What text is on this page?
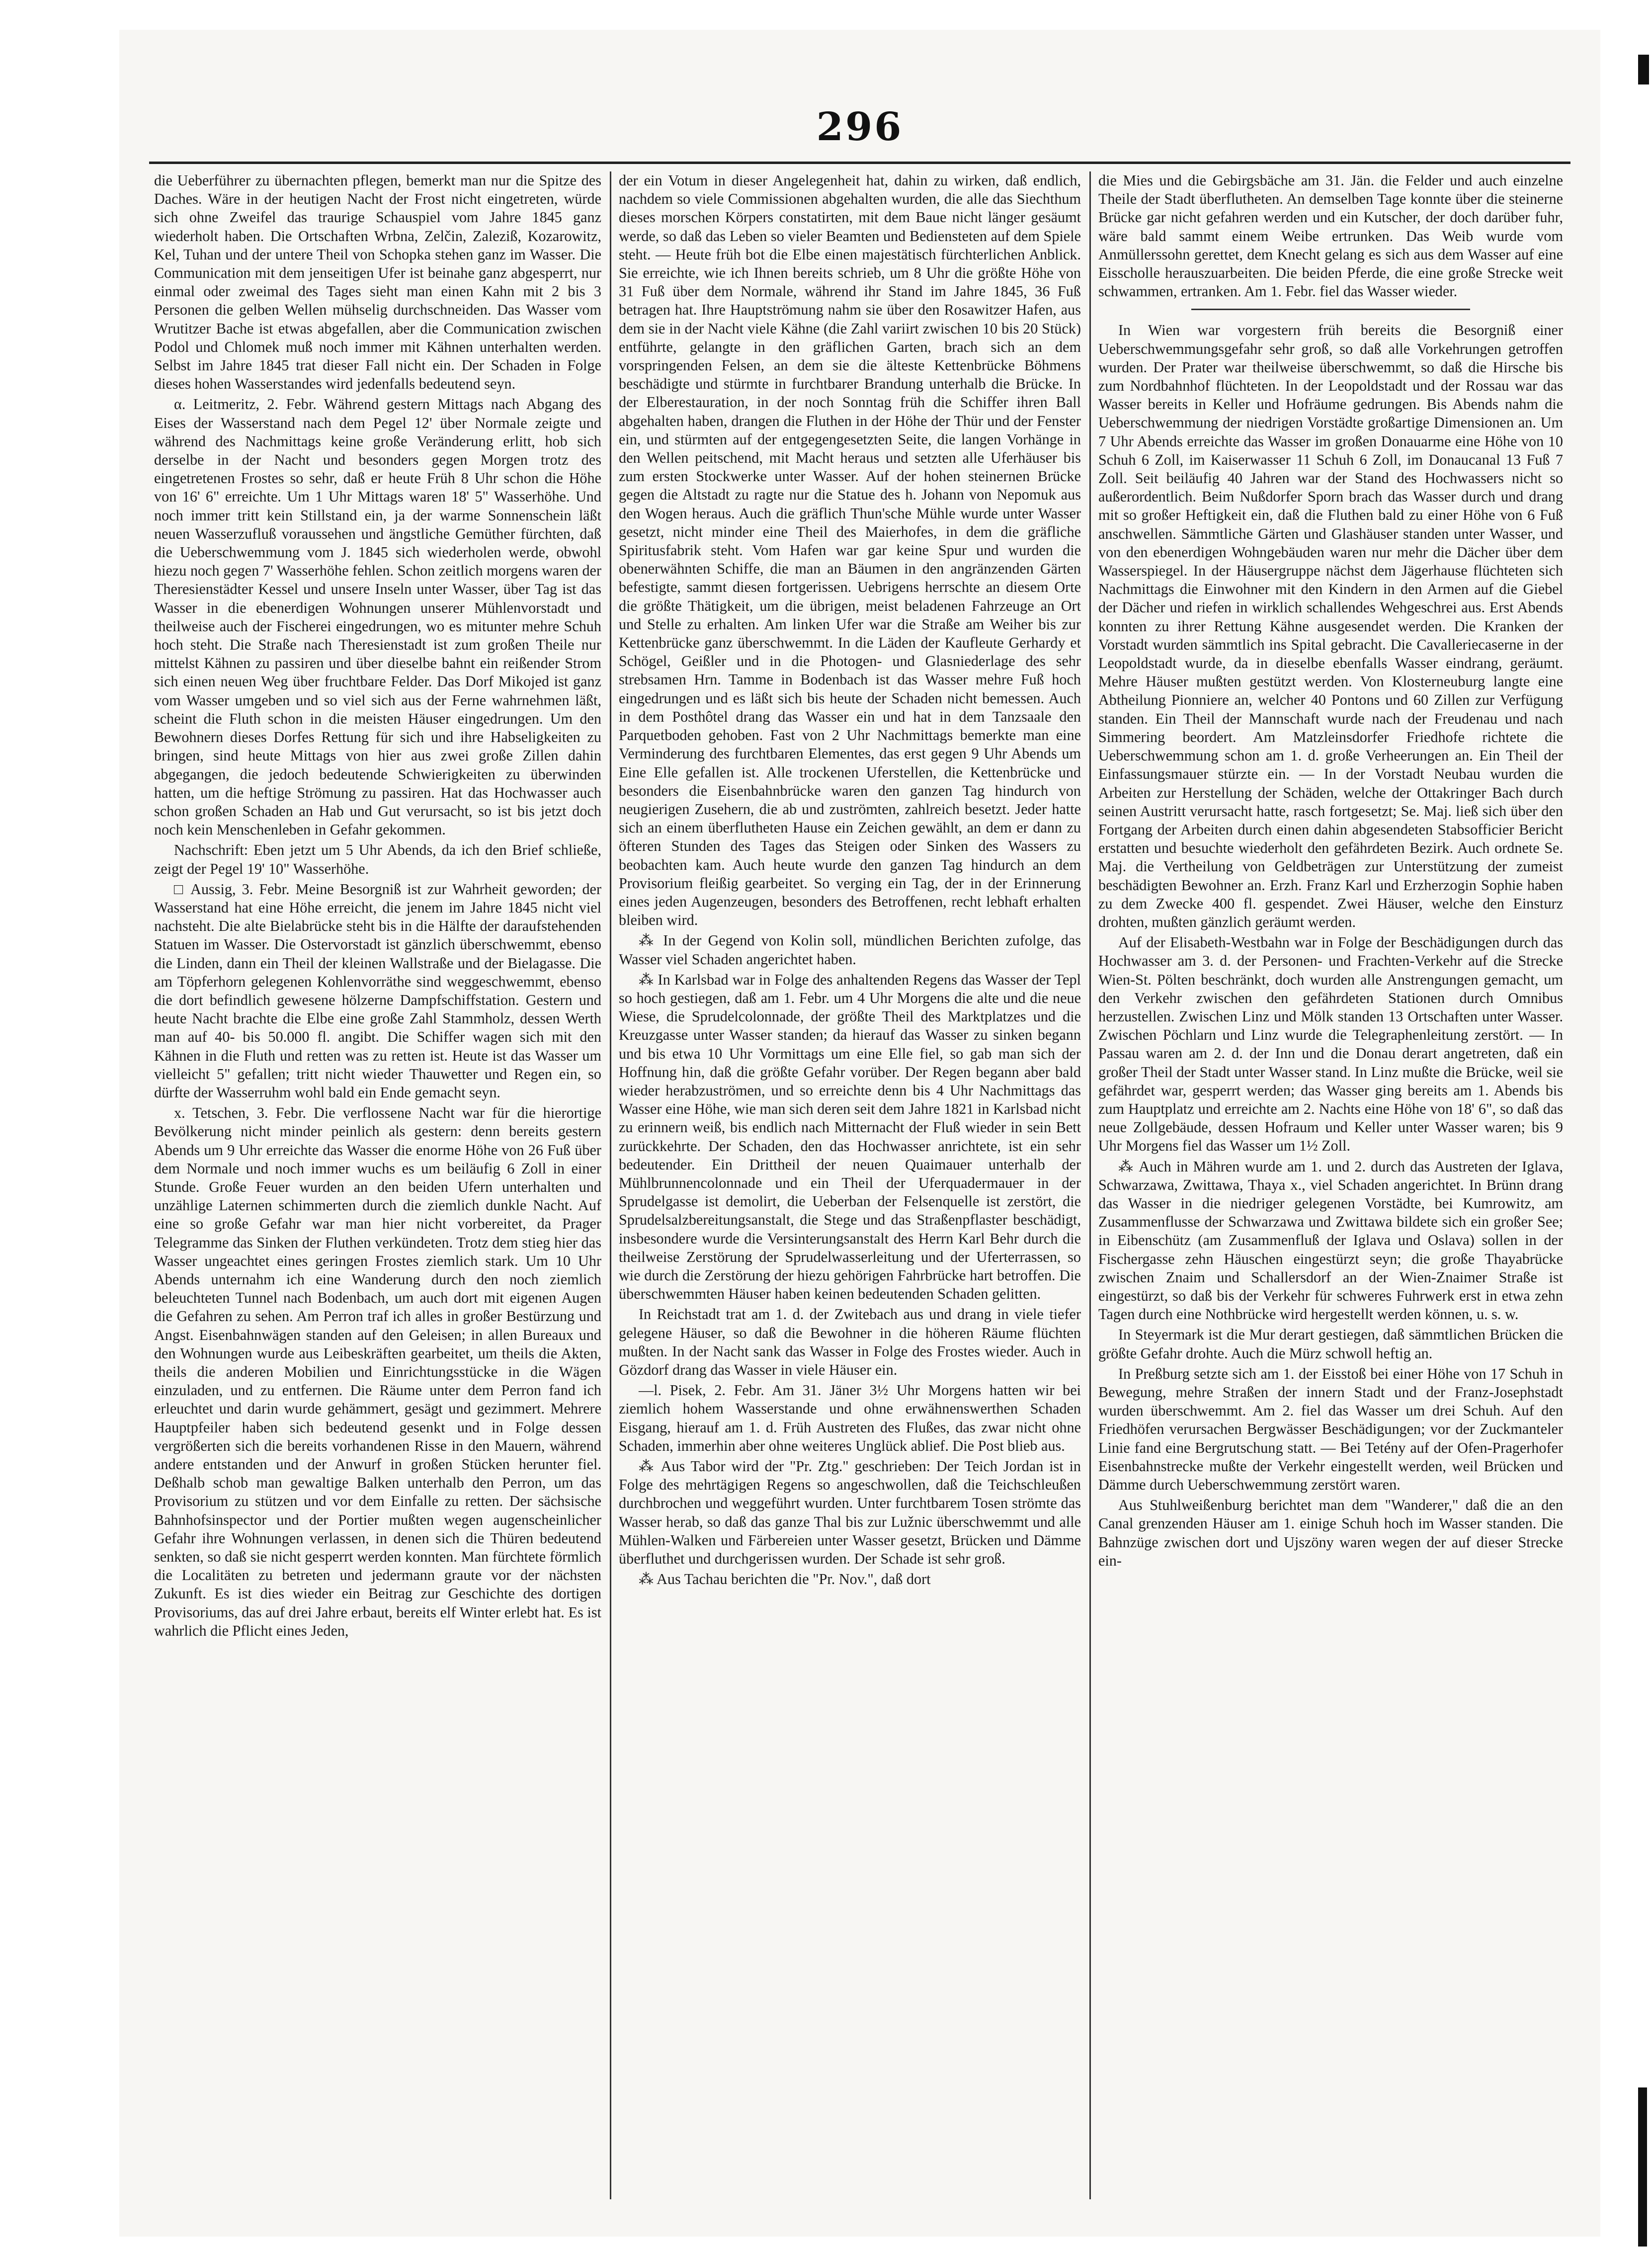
296

die Ueberführer zu übernachten pflegen, bemerkt man nur die Spitze des Daches. Wäre in der heutigen Nacht der Frost nicht eingetreten, würde sich ohne Zweifel das traurige Schauspiel vom Jahre 1845 ganz wiederholt haben. Die Ortschaften Wrbna, Zelčin, Zaleziß, Kozarowitz, Kel, Tuhan und der untere Theil von Schopka stehen ganz im Wasser. Die Communication mit dem jenseitigen Ufer ist beinahe ganz abgesperrt, nur einmal oder zweimal des Tages sieht man einen Kahn mit 2 bis 3 Personen die gelben Wellen mühselig durchschneiden. Das Wasser vom Wrutitzer Bache ist etwas abgefallen, aber die Communication zwischen Podol und Chlomek muß noch immer mit Kähnen unterhalten werden. Selbst im Jahre 1845 trat dieser Fall nicht ein. Der Schaden in Folge dieses hohen Wasserstandes wird jedenfalls bedeutend seyn.

α. Leitmeritz, 2. Febr. Während gestern Mittags nach Abgang des Eises der Wasserstand nach dem Pegel 12' über Normale zeigte und während des Nachmittags keine große Veränderung erlitt, hob sich derselbe in der Nacht und besonders gegen Morgen trotz des eingetretenen Frostes so sehr, daß er heute Früh 8 Uhr schon die Höhe von 16' 6" erreichte. Um 1 Uhr Mittags waren 18' 5" Wasserhöhe. Und noch immer tritt kein Stillstand ein, ja der warme Sonnenschein läßt neuen Wasserzufluß voraussehen und ängstliche Gemüther fürchten, daß die Ueberschwemmung vom J. 1845 sich wiederholen werde, obwohl hiezu noch gegen 7' Wasserhöhe fehlen. Schon zeitlich morgens waren der Theresienstädter Kessel und unsere Inseln unter Wasser, über Tag ist das Wasser in die ebenerdigen Wohnungen unserer Mühlenvorstadt und theilweise auch der Fischerei eingedrungen, wo es mitunter mehre Schuh hoch steht. Die Straße nach Theresienstadt ist zum großen Theile nur mittelst Kähnen zu passiren und über dieselbe bahnt ein reißender Strom sich einen neuen Weg über fruchtbare Felder. Das Dorf Mikojed ist ganz vom Wasser umgeben und so viel sich aus der Ferne wahrnehmen läßt, scheint die Fluth schon in die meisten Häuser eingedrungen. Um den Bewohnern dieses Dorfes Rettung für sich und ihre Habseligkeiten zu bringen, sind heute Mittags von hier aus zwei große Zillen dahin abgegangen, die jedoch bedeutende Schwierigkeiten zu überwinden hatten, um die heftige Strömung zu passiren. Hat das Hochwasser auch schon großen Schaden an Hab und Gut verursacht, so ist bis jetzt doch noch kein Menschenleben in Gefahr gekommen.

Nachschrift: Eben jetzt um 5 Uhr Abends, da ich den Brief schließe, zeigt der Pegel 19' 10" Wasserhöhe.

□ Aussig, 3. Febr. Meine Besorgniß ist zur Wahrheit geworden; der Wasserstand hat eine Höhe erreicht, die jenem im Jahre 1845 nicht viel nachsteht. Die alte Bielabrücke steht bis in die Hälfte der daraufstehenden Statuen im Wasser. Die Ostervorstadt ist gänzlich überschwemmt, ebenso die Linden, dann ein Theil der kleinen Wallstraße und der Bielagasse. Die am Töpferhorn gelegenen Kohlenvorräthe sind weggeschwemmt, ebenso die dort befindlich gewesene hölzerne Dampfschiffstation. Gestern und heute Nacht brachte die Elbe eine große Zahl Stammholz, dessen Werth man auf 40- bis 50.000 fl. angibt. Die Schiffer wagen sich mit den Kähnen in die Fluth und retten was zu retten ist. Heute ist das Wasser um vielleicht 5" gefallen; tritt nicht wieder Thauwetter und Regen ein, so dürfte der Wasserruhm wohl bald ein Ende gemacht seyn.

x. Tetschen, 3. Febr. Die verflossene Nacht war für die hierortige Bevölkerung nicht minder peinlich als gestern: denn bereits gestern Abends um 9 Uhr erreichte das Wasser die enorme Höhe von 26 Fuß über dem Normale und noch immer wuchs es um beiläufig 6 Zoll in einer Stunde. Große Feuer wurden an den beiden Ufern unterhalten und unzählige Laternen schimmerten durch die ziemlich dunkle Nacht. Auf eine so große Gefahr war man hier nicht vorbereitet, da Prager Telegramme das Sinken der Fluthen verkündeten. Trotz dem stieg hier das Wasser ungeachtet eines geringen Frostes ziemlich stark. Um 10 Uhr Abends unternahm ich eine Wanderung durch den noch ziemlich beleuchteten Tunnel nach Bodenbach, um auch dort mit eigenen Augen die Gefahren zu sehen. Am Perron traf ich alles in großer Bestürzung und Angst. Eisenbahnwägen standen auf den Geleisen; in allen Bureaux und den Wohnungen wurde aus Leibeskräften gearbeitet, um theils die Akten, theils die anderen Mobilien und Einrichtungsstücke in die Wägen einzuladen, und zu entfernen. Die Räume unter dem Perron fand ich erleuchtet und darin wurde gehämmert, gesägt und gezimmert. Mehrere Hauptpfeiler haben sich bedeutend gesenkt und in Folge dessen vergrößerten sich die bereits vorhandenen Risse in den Mauern, während andere entstanden und der Anwurf in großen Stücken herunter fiel. Deßhalb schob man gewaltige Balken unterhalb den Perron, um das Provisorium zu stützen und vor dem Einfalle zu retten. Der sächsische Bahnhofsinspector und der Portier mußten wegen augenscheinlicher Gefahr ihre Wohnungen verlassen, in denen sich die Thüren bedeutend senkten, so daß sie nicht gesperrt werden konnten. Man fürchtete förmlich die Localitäten zu betreten und jedermann graute vor der nächsten Zukunft. Es ist dies wieder ein Beitrag zur Geschichte des dortigen Provisoriums, das auf drei Jahre erbaut, bereits elf Winter erlebt hat. Es ist wahrlich die Pflicht eines Jeden,

der ein Votum in dieser Angelegenheit hat, dahin zu wirken, daß endlich, nachdem so viele Commissionen abgehalten wurden, die alle das Siechthum dieses morschen Körpers constatirten, mit dem Baue nicht länger gesäumt werde, so daß das Leben so vieler Beamten und Bediensteten auf dem Spiele steht. — Heute früh bot die Elbe einen majestätisch fürchterlichen Anblick. Sie erreichte, wie ich Ihnen bereits schrieb, um 8 Uhr die größte Höhe von 31 Fuß über dem Normale, während ihr Stand im Jahre 1845, 36 Fuß betragen hat. Ihre Hauptströmung nahm sie über den Rosawitzer Hafen, aus dem sie in der Nacht viele Kähne (die Zahl variirt zwischen 10 bis 20 Stück) entführte, gelangte in den gräflichen Garten, brach sich an dem vorspringenden Felsen, an dem sie die älteste Kettenbrücke Böhmens beschädigte und stürmte in furchtbarer Brandung unterhalb die Brücke. In der Elberestauration, in der noch Sonntag früh die Schiffer ihren Ball abgehalten haben, drangen die Fluthen in der Höhe der Thür und der Fenster ein, und stürmten auf der entgegengesetzten Seite, die langen Vorhänge in den Wellen peitschend, mit Macht heraus und setzten alle Uferhäuser bis zum ersten Stockwerke unter Wasser. Auf der hohen steinernen Brücke gegen die Altstadt zu ragte nur die Statue des h. Johann von Nepomuk aus den Wogen heraus. Auch die gräflich Thun'sche Mühle wurde unter Wasser gesetzt, nicht minder eine Theil des Maierhofes, in dem die gräfliche Spiritusfabrik steht. Vom Hafen war gar keine Spur und wurden die obenerwähnten Schiffe, die man an Bäumen in den angränzenden Gärten befestigte, sammt diesen fortgerissen. Uebrigens herrschte an diesem Orte die größte Thätigkeit, um die übrigen, meist beladenen Fahrzeuge an Ort und Stelle zu erhalten. Am linken Ufer war die Straße am Weiher bis zur Kettenbrücke ganz überschwemmt. In die Läden der Kaufleute Gerhardy et Schögel, Geißler und in die Photogen- und Glasniederlage des sehr strebsamen Hrn. Tamme in Bodenbach ist das Wasser mehre Fuß hoch eingedrungen und es läßt sich bis heute der Schaden nicht bemessen. Auch in dem Posthôtel drang das Wasser ein und hat in dem Tanzsaale den Parquetboden gehoben. Fast von 2 Uhr Nachmittags bemerkte man eine Verminderung des furchtbaren Elementes, das erst gegen 9 Uhr Abends um Eine Elle gefallen ist. Alle trockenen Uferstellen, die Kettenbrücke und besonders die Eisenbahnbrücke waren den ganzen Tag hindurch von neugierigen Zusehern, die ab und zuströmten, zahlreich besetzt. Jeder hatte sich an einem überflutheten Hause ein Zeichen gewählt, an dem er dann zu öfteren Stunden des Tages das Steigen oder Sinken des Wassers zu beobachten kam. Auch heute wurde den ganzen Tag hindurch an dem Provisorium fleißig gearbeitet. So verging ein Tag, der in der Erinnerung eines jeden Augenzeugen, besonders des Betroffenen, recht lebhaft erhalten bleiben wird.

⁂ In der Gegend von Kolin soll, mündlichen Berichten zufolge, das Wasser viel Schaden angerichtet haben.

⁂ In Karlsbad war in Folge des anhaltenden Regens das Wasser der Tepl so hoch gestiegen, daß am 1. Febr. um 4 Uhr Morgens die alte und die neue Wiese, die Sprudelcolonnade, der größte Theil des Marktplatzes und die Kreuzgasse unter Wasser standen; da hierauf das Wasser zu sinken begann und bis etwa 10 Uhr Vormittags um eine Elle fiel, so gab man sich der Hoffnung hin, daß die größte Gefahr vorüber. Der Regen begann aber bald wieder herabzuströmen, und so erreichte denn bis 4 Uhr Nachmittags das Wasser eine Höhe, wie man sich deren seit dem Jahre 1821 in Karlsbad nicht zu erinnern weiß, bis endlich nach Mitternacht der Fluß wieder in sein Bett zurückkehrte. Der Schaden, den das Hochwasser anrichtete, ist ein sehr bedeutender. Ein Drittheil der neuen Quaimauer unterhalb der Mühlbrunnencolonnade und ein Theil der Uferquadermauer in der Sprudelgasse ist demolirt, die Ueberban der Felsenquelle ist zerstört, die Sprudelsalzbereitungsanstalt, die Stege und das Straßenpflaster beschädigt, insbesondere wurde die Versinterungsanstalt des Herrn Karl Behr durch die theilweise Zerstörung der Sprudelwasserleitung und der Uferterrassen, so wie durch die Zerstörung der hiezu gehörigen Fahrbrücke hart betroffen. Die überschwemmten Häuser haben keinen bedeutenden Schaden gelitten.

In Reichstadt trat am 1. d. der Zwitebach aus und drang in viele tiefer gelegene Häuser, so daß die Bewohner in die höheren Räume flüchten mußten. In der Nacht sank das Wasser in Folge des Frostes wieder. Auch in Gözdorf drang das Wasser in viele Häuser ein.

—l. Pisek, 2. Febr. Am 31. Jäner 3½ Uhr Morgens hatten wir bei ziemlich hohem Wasserstande und ohne erwähnenswerthen Schaden Eisgang, hierauf am 1. d. Früh Austreten des Flußes, das zwar nicht ohne Schaden, immerhin aber ohne weiteres Unglück ablief. Die Post blieb aus.

⁂ Aus Tabor wird der "Pr. Ztg." geschrieben: Der Teich Jordan ist in Folge des mehrtägigen Regens so angeschwollen, daß die Teichschleußen durchbrochen und weggeführt wurden. Unter furchtbarem Tosen strömte das Wasser herab, so daß das ganze Thal bis zur Lužnic überschwemmt und alle Mühlen-Walken und Färbereien unter Wasser gesetzt, Brücken und Dämme überfluthet und durchgerissen wurden. Der Schade ist sehr groß.

⁂ Aus Tachau berichten die "Pr. Nov.", daß dort

die Mies und die Gebirgsbäche am 31. Jän. die Felder und auch einzelne Theile der Stadt überflutheten. An demselben Tage konnte über die steinerne Brücke gar nicht gefahren werden und ein Kutscher, der doch darüber fuhr, wäre bald sammt einem Weibe ertrunken. Das Weib wurde vom Anmüllerssohn gerettet, dem Knecht gelang es sich aus dem Wasser auf eine Eisscholle herauszuarbeiten. Die beiden Pferde, die eine große Strecke weit schwammen, ertranken. Am 1. Febr. fiel das Wasser wieder.

In Wien war vorgestern früh bereits die Besorgniß einer Ueberschwemmungsgefahr sehr groß, so daß alle Vorkehrungen getroffen wurden. Der Prater war theilweise überschwemmt, so daß die Hirsche bis zum Nordbahnhof flüchteten. In der Leopoldstadt und der Rossau war das Wasser bereits in Keller und Hofräume gedrungen. Bis Abends nahm die Ueberschwemmung der niedrigen Vorstädte großartige Dimensionen an. Um 7 Uhr Abends erreichte das Wasser im großen Donauarme eine Höhe von 10 Schuh 6 Zoll, im Kaiserwasser 11 Schuh 6 Zoll, im Donaucanal 13 Fuß 7 Zoll. Seit beiläufig 40 Jahren war der Stand des Hochwassers nicht so außerordentlich. Beim Nußdorfer Sporn brach das Wasser durch und drang mit so großer Heftigkeit ein, daß die Fluthen bald zu einer Höhe von 6 Fuß anschwellen. Sämmtliche Gärten und Glashäuser standen unter Wasser, und von den ebenerdigen Wohngebäuden waren nur mehr die Dächer über dem Wasserspiegel. In der Häusergruppe nächst dem Jägerhause flüchteten sich Nachmittags die Einwohner mit den Kindern in den Armen auf die Giebel der Dächer und riefen in wirklich schallendes Wehgeschrei aus. Erst Abends konnten zu ihrer Rettung Kähne ausgesendet werden. Die Kranken der Vorstadt wurden sämmtlich ins Spital gebracht. Die Cavalleriecaserne in der Leopoldstadt wurde, da in dieselbe ebenfalls Wasser eindrang, geräumt. Mehre Häuser mußten gestützt werden. Von Klosterneuburg langte eine Abtheilung Pionniere an, welcher 40 Pontons und 60 Zillen zur Verfügung standen. Ein Theil der Mannschaft wurde nach der Freudenau und nach Simmering beordert. Am Matzleinsdorfer Friedhofe richtete die Ueberschwemmung schon am 1. d. große Verheerungen an. Ein Theil der Einfassungsmauer stürzte ein. — In der Vorstadt Neubau wurden die Arbeiten zur Herstellung der Schäden, welche der Ottakringer Bach durch seinen Austritt verursacht hatte, rasch fortgesetzt; Se. Maj. ließ sich über den Fortgang der Arbeiten durch einen dahin abgesendeten Stabsofficier Bericht erstatten und besuchte wiederholt den gefährdeten Bezirk. Auch ordnete Se. Maj. die Vertheilung von Geldbeträgen zur Unterstützung der zumeist beschädigten Bewohner an. Erzh. Franz Karl und Erzherzogin Sophie haben zu dem Zwecke 400 fl. gespendet. Zwei Häuser, welche den Einsturz drohten, mußten gänzlich geräumt werden.

Auf der Elisabeth-Westbahn war in Folge der Beschädigungen durch das Hochwasser am 3. d. der Personen- und Frachten-Verkehr auf die Strecke Wien-St. Pölten beschränkt, doch wurden alle Anstrengungen gemacht, um den Verkehr zwischen den gefährdeten Stationen durch Omnibus herzustellen. Zwischen Linz und Mölk standen 13 Ortschaften unter Wasser. Zwischen Pöchlarn und Linz wurde die Telegraphenleitung zerstört. — In Passau waren am 2. d. der Inn und die Donau derart angetreten, daß ein großer Theil der Stadt unter Wasser stand. In Linz mußte die Brücke, weil sie gefährdet war, gesperrt werden; das Wasser ging bereits am 1. Abends bis zum Hauptplatz und erreichte am 2. Nachts eine Höhe von 18' 6", so daß das neue Zollgebäude, dessen Hofraum und Keller unter Wasser waren; bis 9 Uhr Morgens fiel das Wasser um 1½ Zoll.

⁂ Auch in Mähren wurde am 1. und 2. durch das Austreten der Iglava, Schwarzawa, Zwittawa, Thaya x., viel Schaden angerichtet. In Brünn drang das Wasser in die niedriger gelegenen Vorstädte, bei Kumrowitz, am Zusammenflusse der Schwarzawa und Zwittawa bildete sich ein großer See; in Eibenschütz (am Zusammenfluß der Iglava und Oslava) sollen in der Fischergasse zehn Häuschen eingestürzt seyn; die große Thayabrücke zwischen Znaim und Schallersdorf an der Wien-Znaimer Straße ist eingestürzt, so daß bis der Verkehr für schweres Fuhrwerk erst in etwa zehn Tagen durch eine Nothbrücke wird hergestellt werden können, u. s. w.

In Steyermark ist die Mur derart gestiegen, daß sämmtlichen Brücken die größte Gefahr drohte. Auch die Mürz schwoll heftig an.

In Preßburg setzte sich am 1. der Eisstoß bei einer Höhe von 17 Schuh in Bewegung, mehre Straßen der innern Stadt und der Franz-Josephstadt wurden überschwemmt. Am 2. fiel das Wasser um drei Schuh. Auf den Friedhöfen verursachen Bergwässer Beschädigungen; vor der Zuckmanteler Linie fand eine Bergrutschung statt. — Bei Tetény auf der Ofen-Pragerhofer Eisenbahnstrecke mußte der Verkehr eingestellt werden, weil Brücken und Dämme durch Ueberschwemmung zerstört waren.

Aus Stuhlweißenburg berichtet man dem "Wanderer," daß die an den Canal grenzenden Häuser am 1. einige Schuh hoch im Wasser standen. Die Bahnzüge zwischen dort und Ujszöny waren wegen der auf dieser Strecke ein-
